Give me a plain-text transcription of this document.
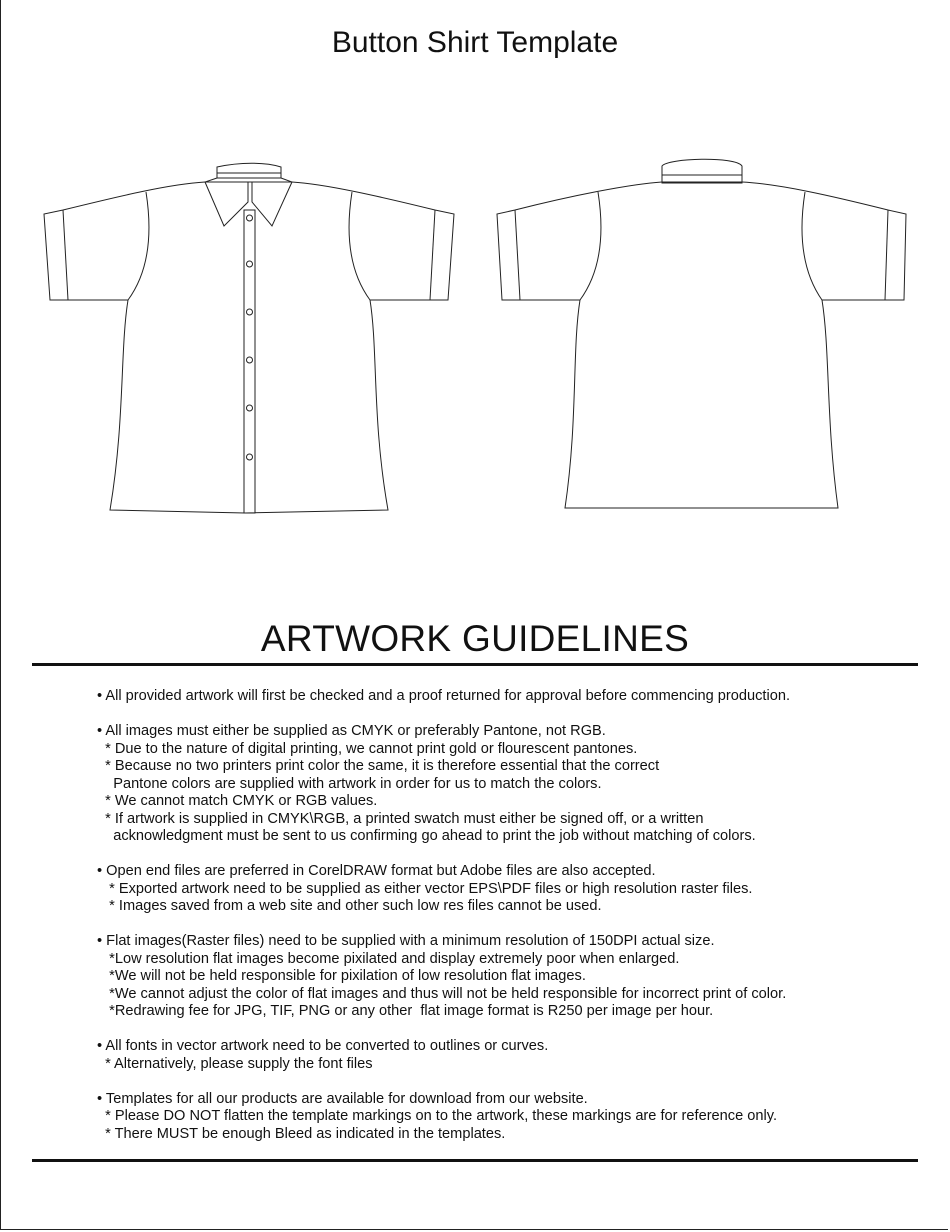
Button Shirt Template
ARTWORK GUIDELINES
• All provided artwork will first be checked and a proof returned for approval before commencing production.
• All images must either be supplied as CMYK or preferably Pantone, not RGB.
* Due to the nature of digital printing, we cannot print gold or flourescent pantones.
* Because no two printers print color the same, it is therefore essential that the correct
Pantone colors are supplied with artwork in order for us to match the colors.
* We cannot match CMYK or RGB values.
* If artwork is supplied in CMYK\RGB, a printed swatch must either be signed off, or a written
acknowledgment must be sent to us confirming go ahead to print the job without matching of colors.
• Open end files are preferred in CorelDRAW format but Adobe files are also accepted.
* Exported artwork need to be supplied as either vector EPS\PDF files or high resolution raster files.
* Images saved from a web site and other such low res files cannot be used.
• Flat images(Raster files) need to be supplied with a minimum resolution of 150DPI actual size.
*Low resolution flat images become pixilated and display extremely poor when enlarged.
*We will not be held responsible for pixilation of low resolution flat images.
*We cannot adjust the color of flat images and thus will not be held responsible for incorrect print of color.
*Redrawing fee for JPG, TIF, PNG or any other  flat image format is R250 per image per hour.
• All fonts in vector artwork need to be converted to outlines or curves.
* Alternatively, please supply the font files
• Templates for all our products are available for download from our website.
* Please DO NOT flatten the template markings on to the artwork, these markings are for reference only.
* There MUST be enough Bleed as indicated in the templates.
